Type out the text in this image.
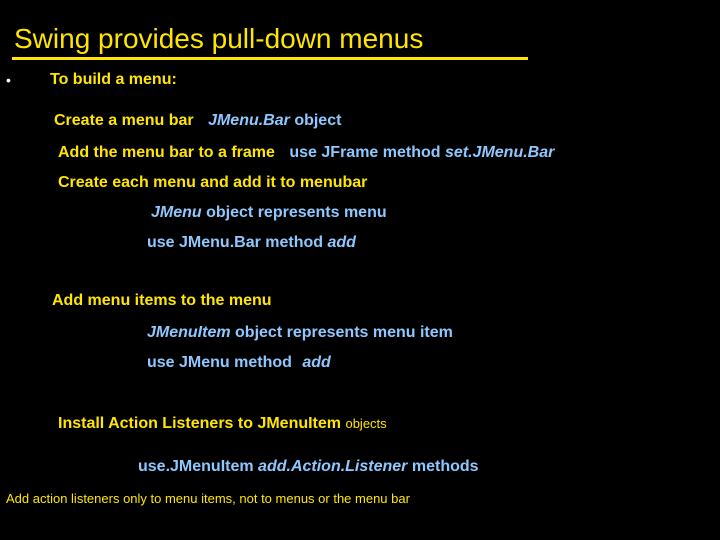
Swing provides pull-down menus
• To build a menu:
Create a menu bar JMenu.Bar object
Add the menu bar to a frame use JFrame method set.JMenu.Bar
Create each menu and add it to menubar
JMenu object represents menu
use JMenu.Bar method add
Add menu items to the menu
JMenuItem object represents menu item
use JMenu method add
Install Action Listeners to JMenuItem objects
use.JMenuItem add.Action.Listener methods
Add action listeners only to menu items, not to menus or the menu bar
